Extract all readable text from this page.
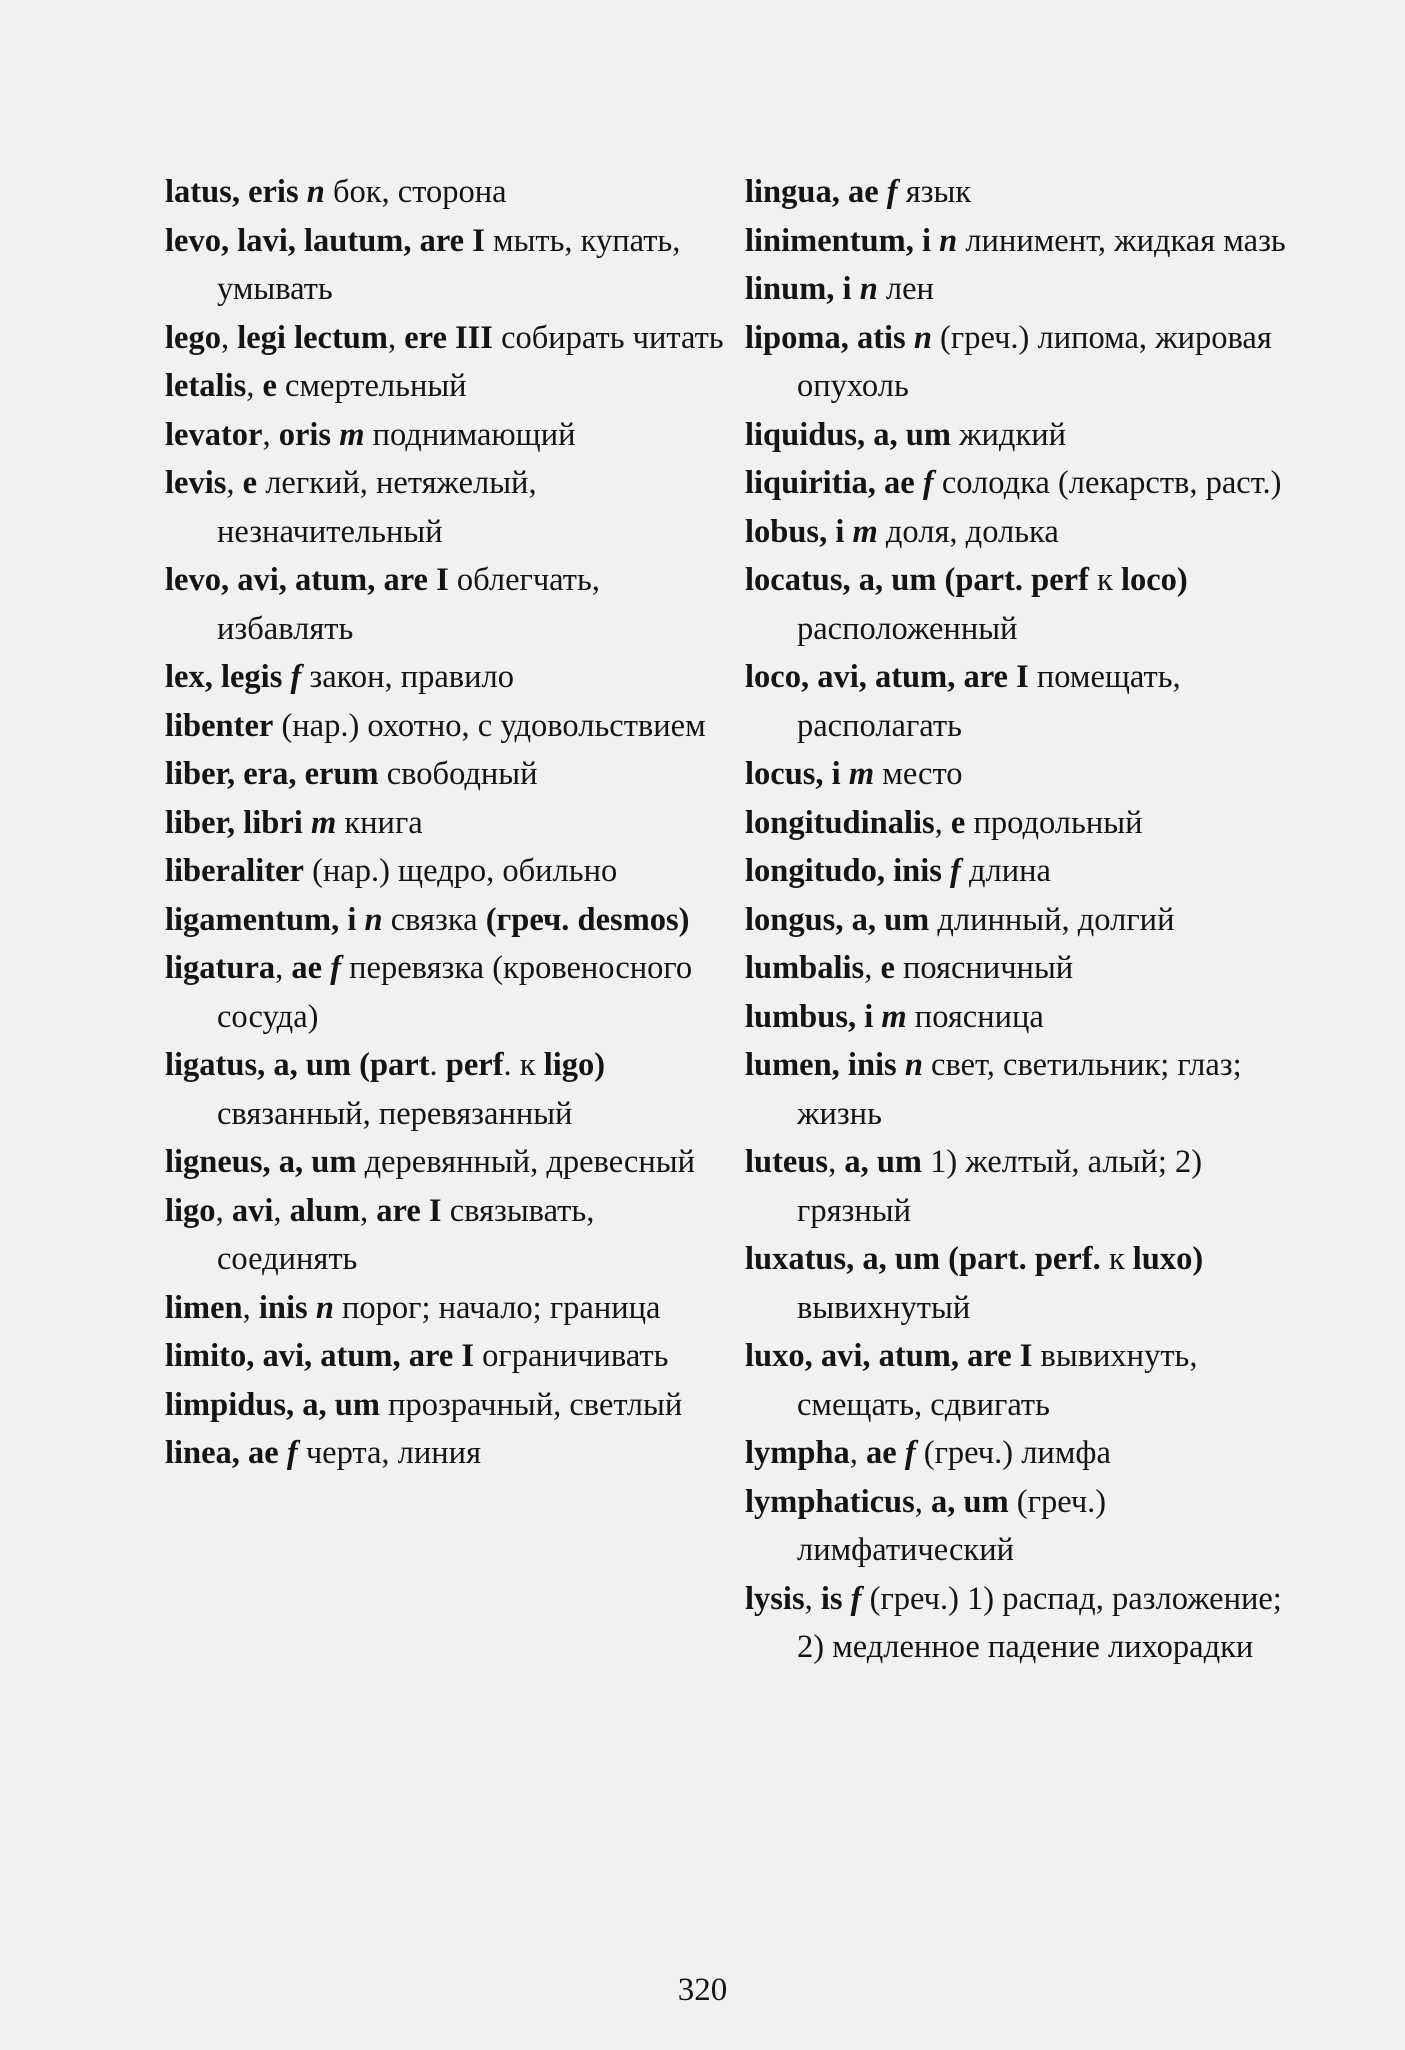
latus, eris n бок, сторона

levo, lavi, lautum, are I мыть, купать, умывать

lego, legi lectum, ere III собирать читать

letalis, e смертельный

levator, oris m поднимающий

levis, e легкий, нетяжелый, незначительный

levo, avi, atum, are I облегчать, избавлять

lex, legis f закон, правило

libenter (нар.) охотно, с удовольствием

liber, era, erum свободный

liber, libri m книга

liberaliter (нар.) щедро, обильно

ligamentum, i n связка (греч. desmos)

ligatura, ae f перевязка (кровеносного сосуда)

ligatus, a, um (part. perf. к ligo) связанный, перевязанный

ligneus, a, um деревянный, древесный

ligo, avi, alum, are I связывать, соединять

limen, inis n порог; начало; граница

limito, avi, atum, are I ограничивать

limpidus, a, um прозрачный, светлый

linea, ae f черта, линия

lingua, ae f язык

linimentum, i n линимент, жидкая мазь

linum, i n лен

lipoma, atis n (греч.) липома, жировая опухоль

liquidus, a, um жидкий

liquiritia, ae f солодка (лекарств, раст.)

lobus, i m доля, долька

locatus, a, um (part. perf к loco) расположенный

loco, avi, atum, are I помещать, располагать

locus, i m место

longitudinalis, e продольный

longitudo, inis f длина

longus, a, um длинный, долгий

lumbalis, e поясничный

lumbus, i m поясница

lumen, inis n свет, светильник; глаз; жизнь

luteus, a, um 1) желтый, алый; 2) грязный

luxatus, a, um (part. perf. к luxo) вывихнутый

luxo, avi, atum, are I вывихнуть, смещать, сдвигать

lympha, ae f (греч.) лимфа

lymphaticus, a, um (греч.) лимфатический

lysis, is f (греч.) 1) распад, разложение; 2) медленное падение лихорадки

320
